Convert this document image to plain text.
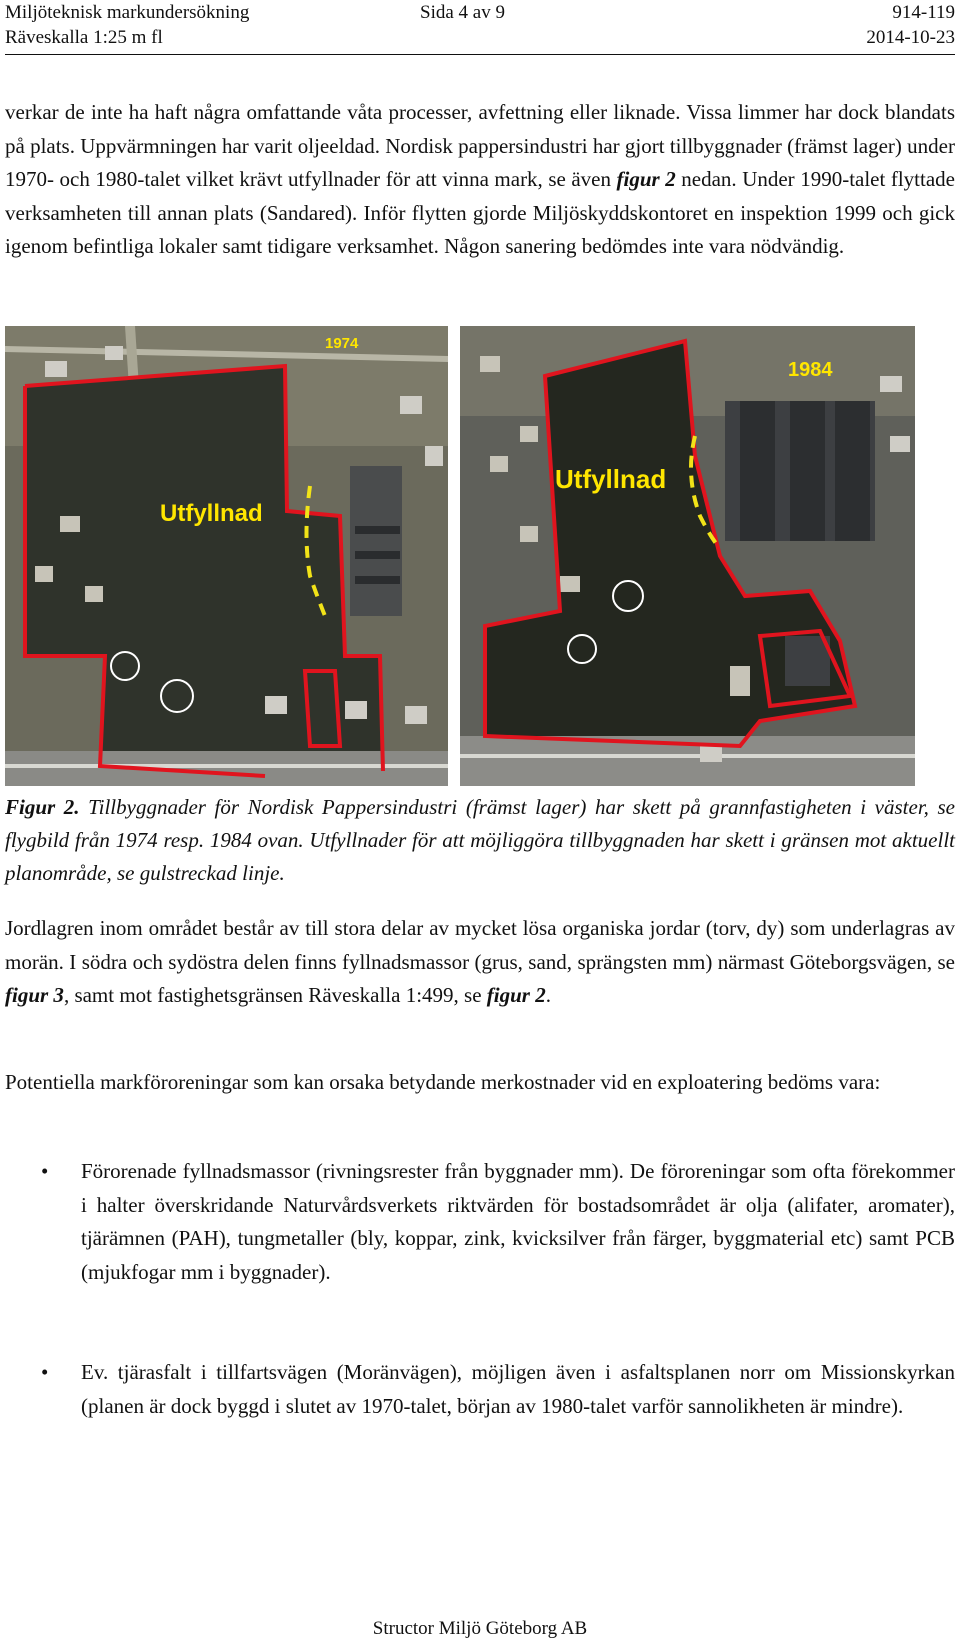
Miljöteknisk markundersökning	Sida 4 av 9	914-119
Räveskalla 1:25 m fl	2014-10-23

verkar de inte ha haft några omfattande våta processer, avfettning eller liknade. Vissa limmer har dock blandats på plats. Uppvärmningen har varit oljeeldad. Nordisk pappersindustri har gjort tillbyggnader (främst lager) under 1970- och 1980-talet vilket krävt utfyllnader för att vinna mark, se även figur 2 nedan. Under 1990-talet flyttade verksamheten till annan plats (Sandared). Inför flytten gjorde Miljöskyddskontoret en inspektion 1999 och gick igenom befintliga lokaler samt tidigare verksamhet. Någon sanering bedömdes inte vara nödvändig.

1974
Utfyllnad
1984
Utfyllnad
Figur 2. Tillbyggnader för Nordisk Pappersindustri (främst lager) har skett på grannfastigheten i väster, se flygbild från 1974 resp. 1984 ovan. Utfyllnader för att möjliggöra tillbyggnaden har skett i gränsen mot aktuellt planområde, se gulstreckad linje.

Jordlagren inom området består av till stora delar av mycket lösa organiska jordar (torv, dy) som underlagras av morän. I södra och sydöstra delen finns fyllnadsmassor (grus, sand, sprängsten mm) närmast Göteborgsvägen, se figur 3, samt mot fastighetsgränsen Räveskalla 1:499, se figur 2.

Potentiella markföroreningar som kan orsaka betydande merkostnader vid en exploatering bedöms vara:

• Förorenade fyllnadsmassor (rivningsrester från byggnader mm). De föroreningar som ofta förekommer i halter överskridande Naturvårdsverkets riktvärden för bostadsområdet är olja (alifater, aromater), tjärämnen (PAH), tungmetaller (bly, koppar, zink, kvicksilver från färger, byggmaterial etc) samt PCB (mjukfogar mm i byggnader).
• Ev. tjärasfalt i tillfartsvägen (Moränvägen), möjligen även i asfaltsplanen norr om Missionskyrkan (planen är dock byggd i slutet av 1970-talet, början av 1980-talet varför sannolikheten är mindre).
Structor Miljö Göteborg AB
